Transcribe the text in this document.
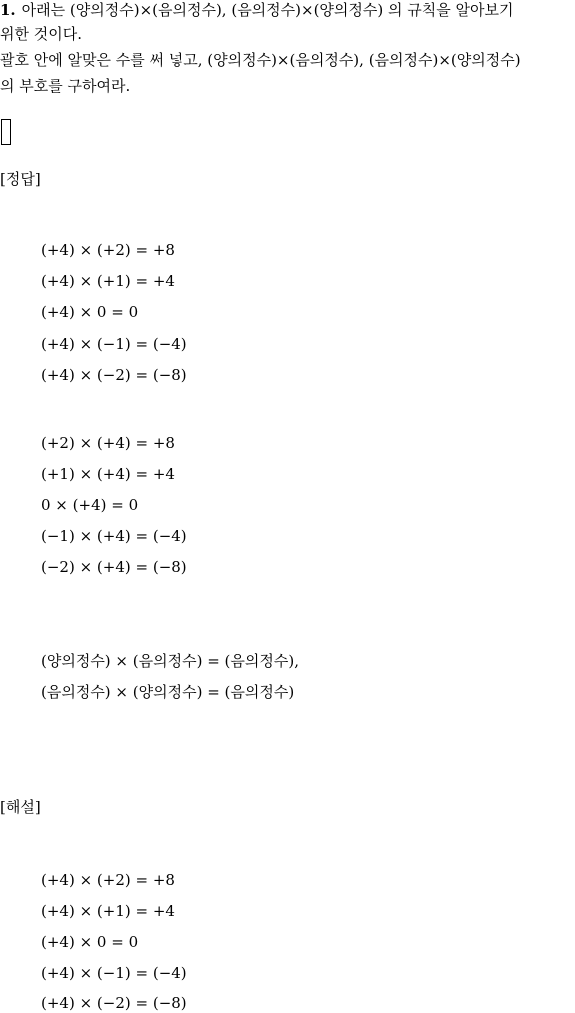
1. 아래는 (양의정수)×(음의정수), (음의정수)×(양의정수) 의 규칙을 알아보기
위한 것이다.
괄호 안에 알맞은 수를 써 넣고, (양의정수)×(음의정수), (음의정수)×(양의정수)
의 부호를 구하여라.
[정답]
(+4) × (+2) = +8
(+4) × (+1) = +4
(+4) × 0 = 0
(+4) × (−1) = (−4)
(+4) × (−2) = (−8)
(+2) × (+4) = +8
(+1) × (+4) = +4
0 × (+4) = 0
(−1) × (+4) = (−4)
(−2) × (+4) = (−8)
(양의정수) × (음의정수) = (음의정수),
(음의정수) × (양의정수) = (음의정수)
[해설]
(+4) × (+2) = +8
(+4) × (+1) = +4
(+4) × 0 = 0
(+4) × (−1) = (−4)
(+4) × (−2) = (−8)
